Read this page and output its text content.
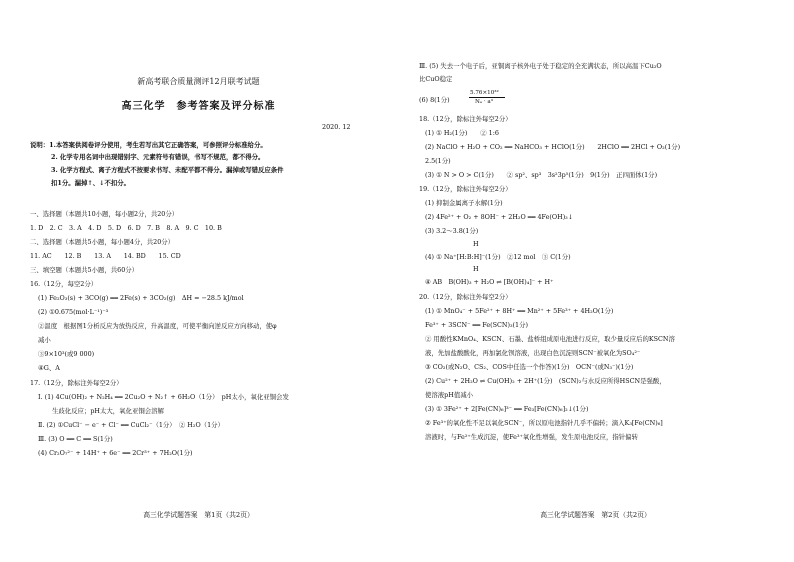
新高考联合质量测评12月联考试题
高三化学　参考答案及评分标准
2020. 12
说明：1.本答案供阅卷评分使用，考生若写出其它正确答案，可参照评分标准给分。
2. 化学专用名词中出现错别字、元素符号有错误，书写不规范，都不得分。
3. 化学方程式、离子方程式不按要求书写、未配平都不得分。漏掉或写错反应条件
扣1分。漏掉↑、↓不扣分。
一、选择题（本题共10小题，每小题2分，共20分）
1. D　2. C　3. A　4. D　5. D　6. D　7. B　8. A　9. C　10. B
二、选择题（本题共5小题，每小题4分，共20分）
11. AC　　12. B　　13. A　　14. BD　　15. CD
三、填空题（本题共5小题，共60分）
16.（12分，每空2分）
(1) Fe₂O₃(s) + 3CO(g) ══ 2Fe(s) + 3CO₂(g)　ΔH = −28.5 kJ/mol
(2) ①0.675(mol·L⁻¹)⁻³
②温度　根据图1分析反应为放热反应，升高温度，可使平衡向逆反应方向移动，使φ
减小
③9×10³(或9 000)
④G、A
17.（12分，除标注外每空2分）
Ⅰ. (1) 4Cu(OH)₂ + N₂H₄ ══ 2Cu₂O + N₂↑ + 6H₂O（1分）　pH太小，氧化亚铜会发
生歧化反应；pH太大，氧化亚铜会溶解
Ⅱ. (2) ①CuCl⁻ − e⁻ + Cl⁻ ══ CuCl₂⁻（1分）　② H₂O（1分）
Ⅲ. (3) O ══ C ══ S(1分)
(4) Cr₂O₇²⁻ + 14H⁺ + 6e⁻ ══ 2Cr³⁺ + 7H₂O(1分)
高三化学试题答案　第1页（共2页）
Ⅲ. (5) 失去一个电子后，亚铜离子核外电子处于稳定的全充满状态，所以高温下Cu₂O
比CuO稳定
(6) 8(1分)
5.76×10³²
Nₐ · a³
18.（12分，除标注外每空2分）
(1) ① H₂(1分)　　② 1:6
(2) NaClO + H₂O + CO₂ ══ NaHCO₃ + HClO(1分)　　2HClO ══ 2HCl + O₂(1分)
2.5(1分)
(3) ① N > O > C(1分)　　② sp²、sp³　3s²3p⁵(1分)　9(1分)　正四面体(1分)
19.（12分，除标注外每空2分）
(1) 抑制金属离子水解(1分)
(2) 4Fe²⁺ + O₂ + 8OH⁻ + 2H₂O ══ 4Fe(OH)₃↓
(3) 3.2～3.8(1分)
H
(4) ① Na⁺[H:B:H]⁻(1分)　②12 mol　③ C(1分)
H
④ AB　B(OH)₃ + H₂O ⇌ [B(OH)₄]⁻ + H⁺
20.（12分，除标注外每空2分）
(1) ① MnO₄⁻ + 5Fe²⁺ + 8H⁺ ══ Mn²⁺ + 5Fe³⁺ + 4H₂O(1分)
Fe³⁺ + 3SCN⁻ ══ Fe(SCN)₃(1分)
② 用酸性KMnO₄、KSCN、石墨、盐桥组成原电池进行反应，取少量反应后的KSCN溶
液，先加盐酸酸化，再加氯化钡溶液，出现白色沉淀则SCN⁻被氧化为SO₄²⁻
③ CO₂(或N₂O、CS₂、COS中任选一个作答)(1分)　OCN⁻(或N₃⁻)(1分)
(2) Cu²⁺ + 2H₂O ⇌ Cu(OH)₂ + 2H⁺(1分)　(SCN)₂与水反应所得HSCN是强酸，
使溶液pH值减小
(3) ① 3Fe²⁺ + 2[Fe(CN)₆]³⁻ ══ Fe₃[Fe(CN)₆]₂↓(1分)
② Fe³⁺的氧化性不足以氧化SCN⁻，所以原电池指针几乎不偏转；滴入K₃[Fe(CN)₆]
溶液时，与Fe²⁺生成沉淀，使Fe³⁺氧化性增强，发生原电池反应，指针偏转
高三化学试题答案　第2页（共2页）
